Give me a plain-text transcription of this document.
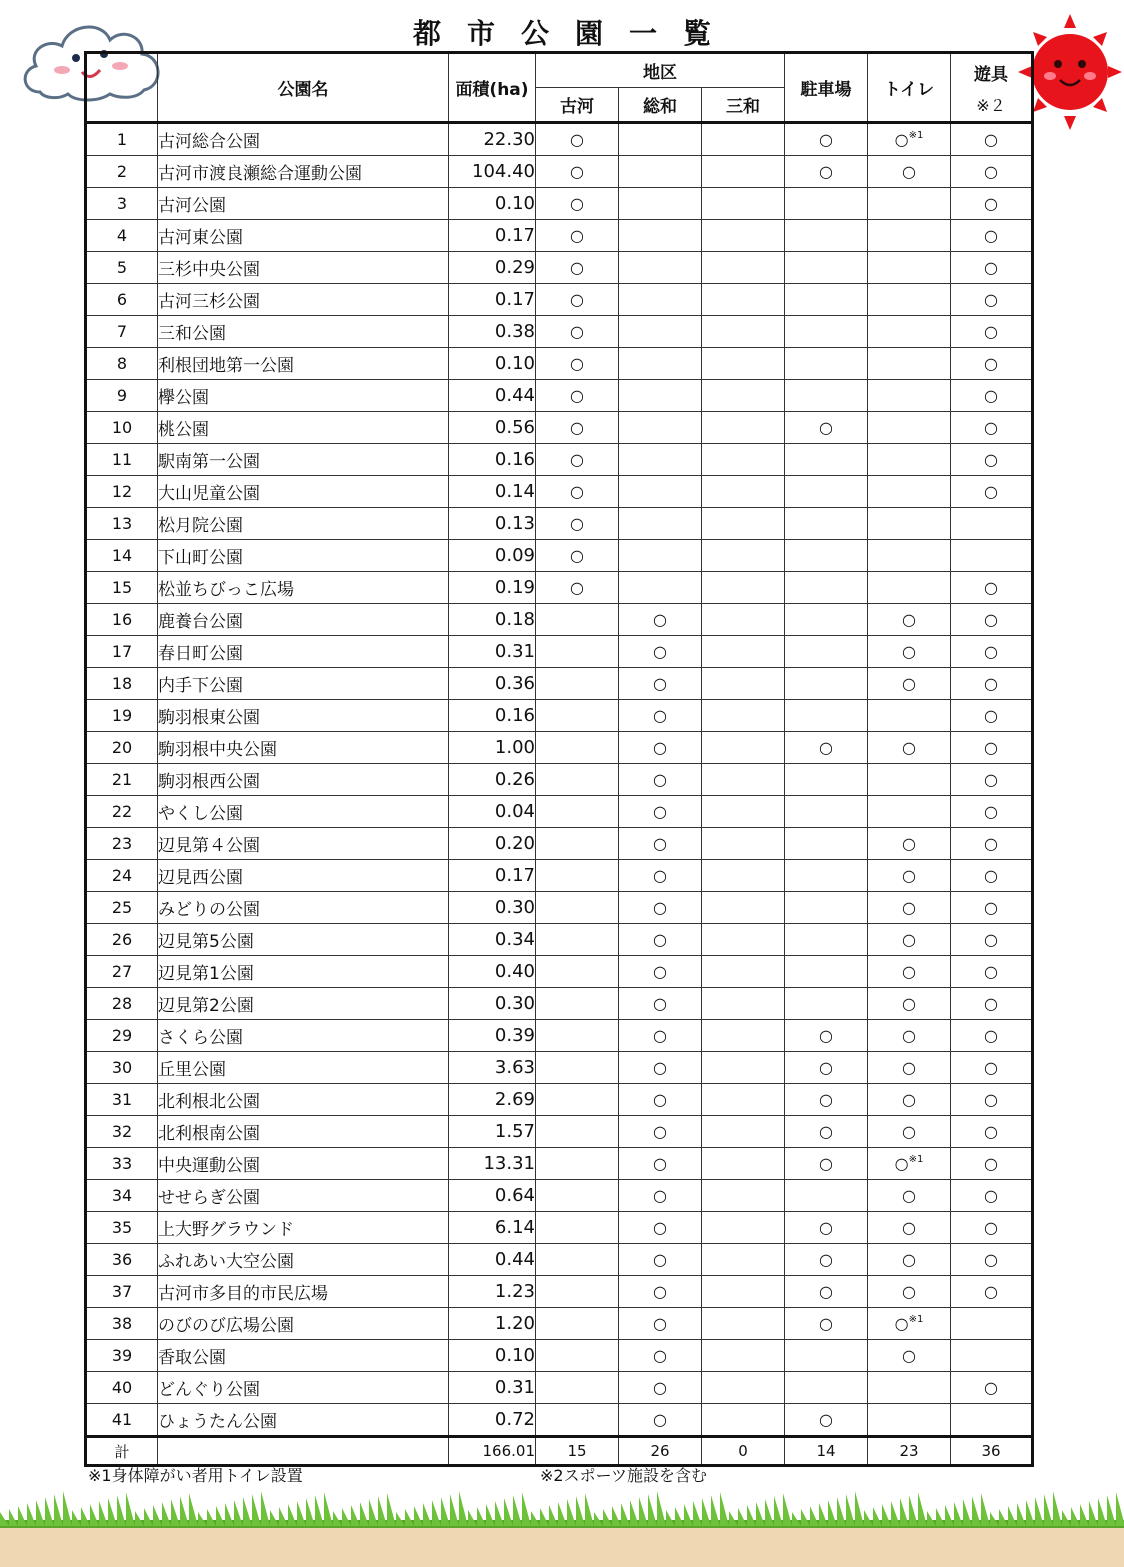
都市公園一覧
	公園名	面積(ha)	地区			駐車場	トイレ	遊具
※２

			古河	総和	三和			
1	古河総合公園	22.30	○			○	○$^{※1}$	○
2	古河市渡良瀬総合運動公園	104.40	○			○	○	○
3	古河公園	0.10	○					○
4	古河東公園	0.17	○					○
5	三杉中央公園	0.29	○					○
6	古河三杉公園	0.17	○					○
7	三和公園	0.38	○					○
8	利根団地第一公園	0.10	○					○
9	欅公園	0.44	○					○
10	桃公園	0.56	○			○		○
11	駅南第一公園	0.16	○					○
12	大山児童公園	0.14	○					○
13	松月院公園	0.13	○					
14	下山町公園	0.09	○					
15	松並ちびっこ広場	0.19	○					○
16	鹿養台公園	0.18		○			○	○
17	春日町公園	0.31		○			○	○
18	内手下公園	0.36		○			○	○
19	駒羽根東公園	0.16		○				○
20	駒羽根中央公園	1.00		○		○	○	○
21	駒羽根西公園	0.26		○				○
22	やくし公園	0.04		○				○
23	辺見第４公園	0.20		○			○	○
24	辺見西公園	0.17		○			○	○
25	みどりの公園	0.30		○			○	○
26	辺見第5公園	0.34		○			○	○
27	辺見第1公園	0.40		○			○	○
28	辺見第2公園	0.30		○			○	○
29	さくら公園	0.39		○		○	○	○
30	丘里公園	3.63		○		○	○	○
31	北利根北公園	2.69		○		○	○	○
32	北利根南公園	1.57		○		○	○	○
33	中央運動公園	13.31		○		○	○$^{※1}$	○
34	せせらぎ公園	0.64		○			○	○
35	上大野グラウンド	6.14		○		○	○	○
36	ふれあい大空公園	0.44		○		○	○	○
37	古河市多目的市民広場	1.23		○		○	○	○
38	のびのび広場公園	1.20		○		○	○$^{※1}$	
39	香取公園	0.10		○			○	
40	どんぐり公園	0.31		○				○
41	ひょうたん公園	0.72		○		○		
計		166.01	15	26	0	14	23	36
※1身体障がい者用トイレ設置	※2スポーツ施設を含む
